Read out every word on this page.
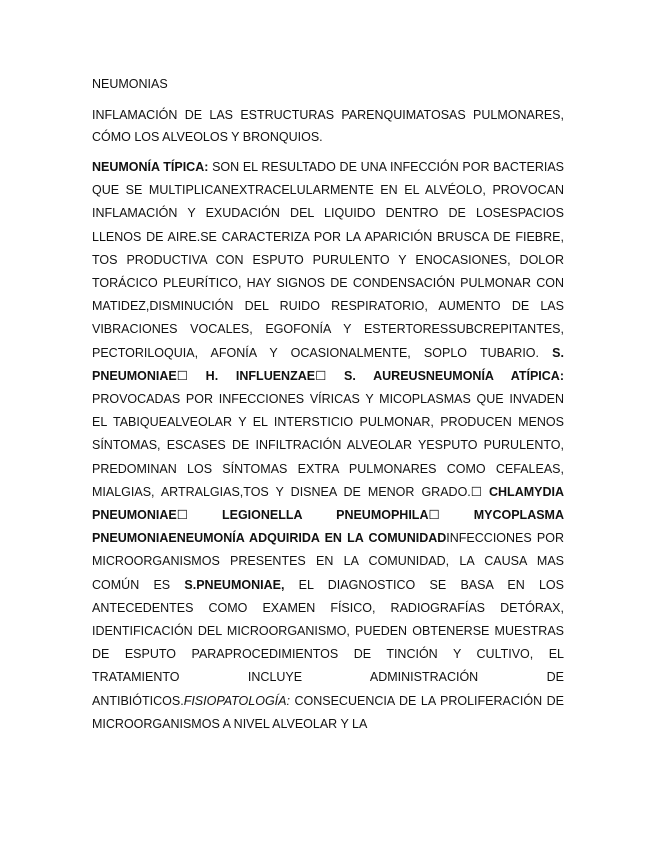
NEUMONIAS
INFLAMACIÓN DE LAS ESTRUCTURAS PARENQUIMATOSAS PULMONARES, CÓMO LOS ALVEOLOS Y BRONQUIOS.
NEUMONÍA TÍPICA: SON EL RESULTADO DE UNA INFECCIÓN POR BACTERIAS QUE SE MULTIPLICANEXTRACELULARMENTE EN EL ALVÉOLO, PROVOCAN INFLAMACIÓN Y EXUDACIÓN DEL LIQUIDO DENTRO DE LOSESPACIOS LLENOS DE AIRE.SE CARACTERIZA POR LA APARICIÓN BRUSCA DE FIEBRE, TOS PRODUCTIVA CON ESPUTO PURULENTO Y ENOCASIONES, DOLOR TORÁCICO PLEURÍTICO, HAY SIGNOS DE CONDENSACIÓN PULMONAR CON MATIDEZ,DISMINUCIÓN DEL RUIDO RESPIRATORIO, AUMENTO DE LAS VIBRACIONES VOCALES, EGOFONÍA Y ESTERTORESSUBCREPITANTES, PECTORILOQUIA, AFONÍA Y OCASIONALMENTE, SOPLO TUBARIO. S. PNEUMONIAE☐ H. INFLUENZAE☐ S. AUREUSNEUMONÍA ATÍPICA: PROVOCADAS POR INFECCIONES VÍRICAS Y MICOPLASMAS QUE INVADEN EL TABIQUEALVEOLAR Y EL INTERSTICIO PULMONAR, PRODUCEN MENOS SÍNTOMAS, ESCASES DE INFILTRACIÓN ALVEOLAR YESPUTO PURULENTO, PREDOMINAN LOS SÍNTOMAS EXTRA PULMONARES COMO CEFALEAS, MIALGIAS, ARTRALGIAS,TOS Y DISNEA DE MENOR GRADO.☐ CHLAMYDIA PNEUMONIAE☐ LEGIONELLA PNEUMOPHILA☐ MYCOPLASMA PNEUMONIAENEUMONÍA ADQUIRIDA EN LA COMUNIDADINFECCIONES POR MICROORGANISMOS PRESENTES EN LA COMUNIDAD, LA CAUSA MAS COMÚN ES S.PNEUMONIAE, EL DIAGNOSTICO SE BASA EN LOS ANTECEDENTES COMO EXAMEN FÍSICO, RADIOGRAFÍAS DETÓRAX, IDENTIFICACIÓN DEL MICROORGANISMO, PUEDEN OBTENERSE MUESTRAS DE ESPUTO PARAPROCEDIMIENTOS DE TINCIÓN Y CULTIVO, EL TRATAMIENTO INCLUYE ADMINISTRACIÓN DE ANTIBIÓTICOS.FISIOPATOLOGÍA: CONSECUENCIA DE LA PROLIFERACIÓN DE MICROORGANISMOS A NIVEL ALVEOLAR Y LA
